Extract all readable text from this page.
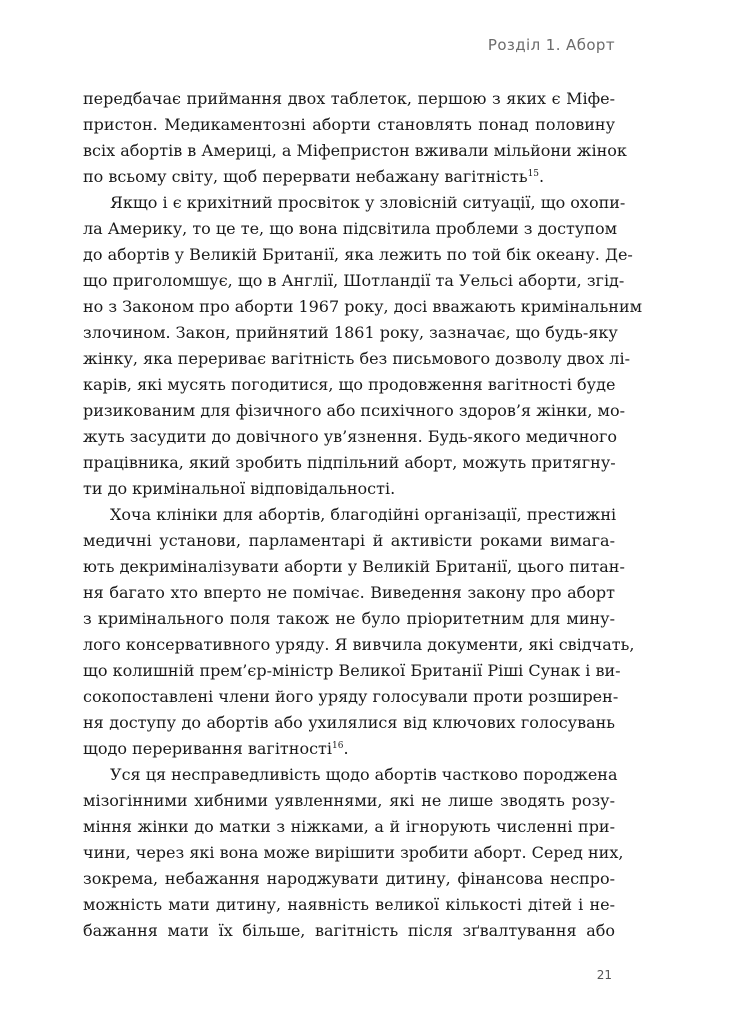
Розділ 1. Аборт
передбачає приймання двох таблеток, першою з яких є Міфе-
пристон. Медикаментозні аборти становлять понад половину
всіх абортів в Америці, а Міфепристон вживали мільйони жінок
по всьому світу, щоб перервати небажану вагітність$^{15}$.
Якщо і є крихітний просвіток у зловісній ситуації, що охопи-
ла Америку, то це те, що вона підсвітила проблеми з доступом
до абортів у Великій Британії, яка лежить по той бік океану. Де-
що приголомшує, що в Англії, Шотландії та Уельсі аборти, згід-
но з Законом про аборти 1967 року, досі вважають кримінальним
злочином. Закон, прийнятий 1861 року, зазначає, що будь-яку
жінку, яка перериває вагітність без письмового дозволу двох лі-
карів, які мусять погодитися, що продовження вагітності буде
ризикованим для фізичного або психічного здоров’я жінки, мо-
жуть засудити до довічного ув’язнення. Будь-якого медичного
працівника, який зробить підпільний аборт, можуть притягну-
ти до кримінальної відповідальності.
Хоча клініки для абортів, благодійні організації, престижні
медичні установи, парламентарі й активісти роками вимага-
ють декриміналізувати аборти у Великій Британії, цього питан-
ня багато хто вперто не помічає. Виведення закону про аборт
з кримінального поля також не було пріоритетним для мину-
лого консервативного уряду. Я вивчила документи, які свідчать,
що колишній прем’єр-міністр Великої Британії Ріші Сунак і ви-
сокопоставлені члени його уряду голосували проти розширен-
ня доступу до абортів або ухилялися від ключових голосувань
щодо переривання вагітності$^{16}$.
Уся ця несправедливість щодо абортів частково породжена
мізогінними хибними уявленнями, які не лише зводять розу-
міння жінки до матки з ніжками, а й ігнорують численні при-
чини, через які вона може вирішити зробити аборт. Серед них,
зокрема, небажання народжувати дитину, фінансова неспро-
можність мати дитину, наявність великої кількості дітей і не-
бажання мати їх більше, вагітність після зґвалтування або
21
